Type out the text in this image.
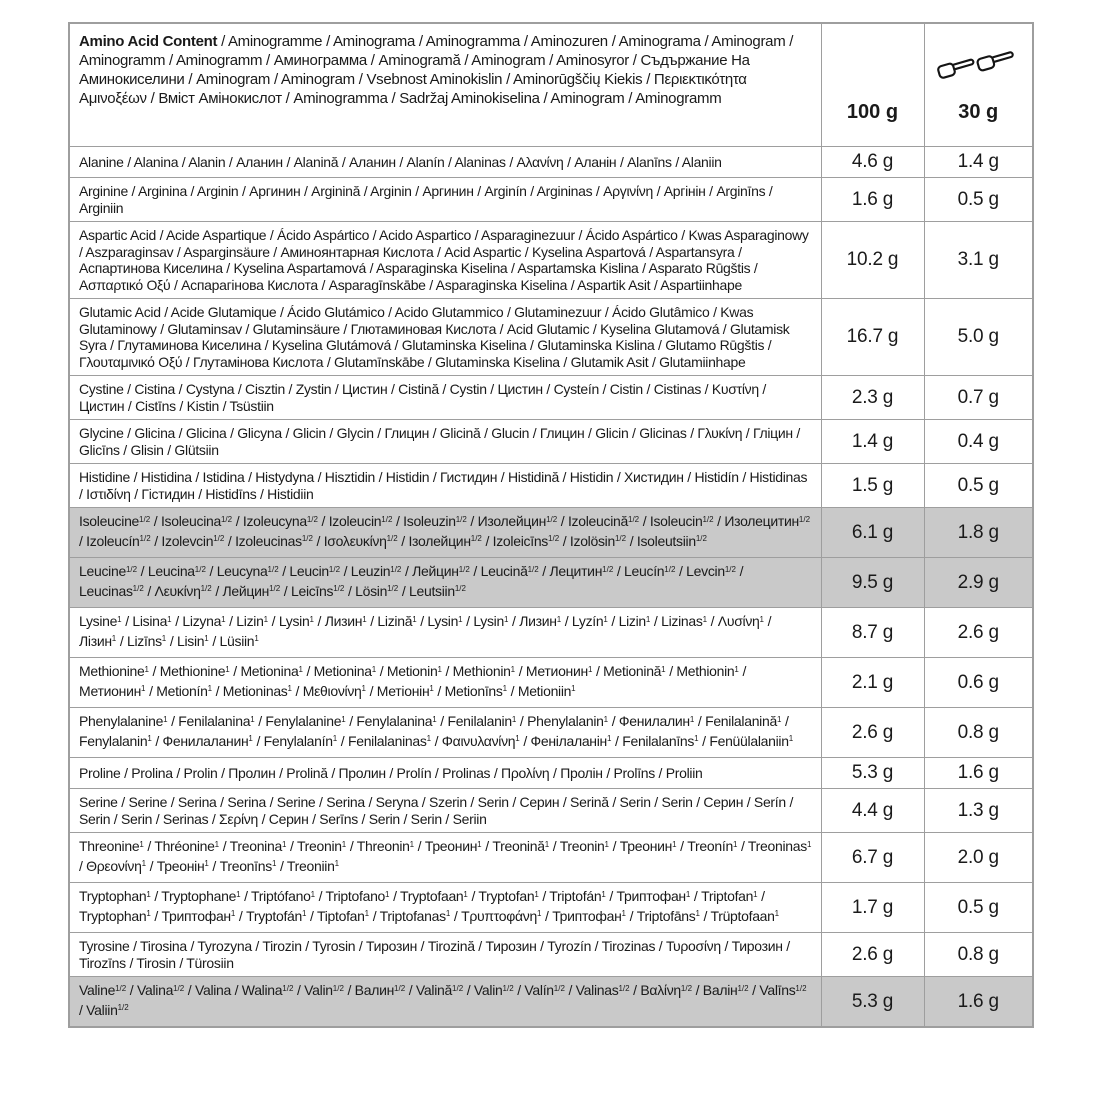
Amino Acid Content / Aminogramme / Aminograma / Aminogramma / Aminozuren / Aminograma / Aminogram / Aminogramm / Aminogramm / Аминограмма / Aminogramă / Aminogram / Aminosyror / Съдържание На Аминокиселини / Aminogram / Aminogram / Vsebnost Aminokislin / Aminorūgščių Kiekis / Περιεκτικότητα Αμινοξέων / Вміст Амінокислот / Aminogramma / Sadržaj Aminokiselina / Aminogram / Aminogramm	100 g	30 g

Alanine / Alanina / Alanin / Аланин / Alanină / Аланин / Alanín / Alaninas / Αλανίνη / Аланін / Alanīns / Alaniin	4.6 g	1.4 g
Arginine / Arginina / Arginin / Аргинин / Arginină / Arginin / Аргинин / Arginín / Argininas / Αργινίνη / Аргінін / Arginīns / Arginiin	1.6 g	0.5 g
Aspartic Acid / Acide Aspartique / Ácido Aspártico / Acido Aspartico / Asparaginezuur / Ácido Aspártico / Kwas Asparaginowy / Aszparaginsav / Asparginsäure / Аминоянтарная Кислота / Acid Aspartic / Kyselina Aspartová / Aspartansyra / Аспартинова Киселина / Kyselina Aspartamová / Asparaginska Kiselina / Aspartamska Kislina / Asparato Rūgštis / Ασπαρτικό Οξύ / Аспарагінова Кислота / Asparagīnskābe / Asparaginska Kiselina / Aspartik Asit / Aspartiinhape	10.2 g	3.1 g
Glutamic Acid / Acide Glutamique / Ácido Glutámico / Acido Glutammico / Glutaminezuur / Ácido Glutâmico / Kwas Glutaminowy / Glutaminsav / Glutaminsäure / Глютаминовая Кислота / Acid Glutamic / Kyselina Glutamová / Glutamisk Syra / Глутаминова Киселина / Kyselina Glutámová / Glutaminska Kiselina / Glutaminska Kislina / Glutamo Rūgštis / Γλουταμινικό Οξύ / Глутамінова Кислота / Glutamīnskābe / Glutaminska Kiselina / Glutamik Asit / Glutamiinhape	16.7 g	5.0 g
Cystine / Cistina / Cystyna / Cisztin / Zystin / Цистин / Cistină / Cystin / Цистин / Cysteín / Cistin / Cistinas / Κυστίνη / Цистин / Cistīns / Kistin / Tsüstiin	2.3 g	0.7 g
Glycine / Glicina / Glicina / Glicyna / Glicin / Glycin / Глицин / Glicină / Glucin / Глицин / Glicin / Glicinas / Γλυκίνη / Гліцин / Glicīns / Glisin / Glütsiin	1.4 g	0.4 g
Histidine / Histidina / Istidina / Histydyna / Hisztidin / Histidin / Гистидин / Histidină / Histidin / Хистидин / Histidín / Histidinas / Ιστιδίνη / Гістидин / Histidīns / Histidiin	1.5 g	0.5 g
Isoleucine$^{1/2}$ / Isoleucina$^{1/2}$ / Izoleucyna$^{1/2}$ / Izoleucin$^{1/2}$ / Isoleuzin$^{1/2}$ / Изолейцин$^{1/2}$ / Izoleucină$^{1/2}$ / Isoleucin$^{1/2}$ / Изолецитин$^{1/2}$ / Izoleucín$^{1/2}$ / Izolevcin$^{1/2}$ / Izoleucinas$^{1/2}$ / Ισολευκίνη$^{1/2}$ / Ізолейцин$^{1/2}$ / Izoleicīns$^{1/2}$ / Izolösin$^{1/2}$ / Isoleutsiin$^{1/2}$	6.1 g	1.8 g
Leucine$^{1/2}$ / Leucina$^{1/2}$ / Leucyna$^{1/2}$ / Leucin$^{1/2}$ / Leuzin$^{1/2}$ / Лейцин$^{1/2}$ / Leucină$^{1/2}$ / Лецитин$^{1/2}$ / Leucín$^{1/2}$ / Levcin$^{1/2}$ / Leucinas$^{1/2}$ / Λευκίνη$^{1/2}$ / Лейцин$^{1/2}$ / Leicīns$^{1/2}$ / Lösin$^{1/2}$ / Leutsiin$^{1/2}$	9.5 g	2.9 g
Lysine$^1$ / Lisina$^1$ / Lizyna$^1$ / Lizin$^1$ / Lysin$^1$ / Лизин$^1$ / Lizină$^1$ / Lysin$^1$ / Lysin$^1$ / Лизин$^1$ / Lyzín$^1$ / Lizin$^1$ / Lizinas$^1$ / Λυσίνη$^1$ / Лізин$^1$ / Lizīns$^1$ / Lisin$^1$ / Lüsiin$^1$	8.7 g	2.6 g
Methionine$^1$ / Methionine$^1$ / Metionina$^1$ / Metionina$^1$ / Metionin$^1$ / Methionin$^1$ / Метионин$^1$ / Metionină$^1$ / Methionin$^1$ / Метионин$^1$ / Metionín$^1$ / Metioninas$^1$ / Μεθιονίνη$^1$ / Метіонін$^1$ / Metionīns$^1$ / Metioniin$^1$	2.1 g	0.6 g
Phenylalanine$^1$ / Fenilalanina$^1$ / Fenylalanine$^1$ / Fenylalanina$^1$ / Fenilalanin$^1$ / Phenylalanin$^1$ / Фенилалин$^1$ / Fenilalanină$^1$ / Fenylalanin$^1$ / Фенилаланин$^1$ / Fenylalanín$^1$ / Fenilalaninas$^1$ / Φαινυλανίνη$^1$ / Фенілаланін$^1$ / Fenilalanīns$^1$ / Fenüülalaniin$^1$	2.6 g	0.8 g
Proline / Prolina / Prolin / Пролин / Prolină / Пролин / Prolín / Prolinas / Προλίνη / Пролін / Prolīns / Proliin	5.3 g	1.6 g
Serine / Serine / Serina / Serina / Serine / Serina / Seryna / Szerin / Serin / Серин / Serină / Serin / Serin / Серин / Serín / Serin / Serin / Serinas / Σερίνη / Серин / Serīns / Serin / Serin / Seriin	4.4 g	1.3 g
Threonine$^1$ / Thréonine$^1$ / Treonina$^1$ / Treonin$^1$ / Threonin$^1$ / Треонин$^1$ / Treonină$^1$ / Treonin$^1$ / Треонин$^1$ / Treonín$^1$ / Treoninas$^1$ / Θρεονίνη$^1$ / Треонін$^1$ / Treonīns$^1$ / Treoniin$^1$	6.7 g	2.0 g
Tryptophan$^1$ / Tryptophane$^1$ / Triptófano$^1$ / Triptofano$^1$ / Tryptofaan$^1$ / Tryptofan$^1$ / Triptofán$^1$ / Триптофан$^1$ / Triptofan$^1$ / Tryptophan$^1$ / Триптофан$^1$ / Tryptofán$^1$ / Tiptofan$^1$ / Triptofanas$^1$ / Τρυπτοφάνη$^1$ / Триптофан$^1$ / Triptofāns$^1$ / Trüptofaan$^1$	1.7 g	0.5 g
Tyrosine / Tirosina / Tyrozyna / Tirozin / Tyrosin / Тирозин / Tirozină / Тирозин / Tyrozín / Tirozinas / Τυροσίνη / Тирозин / Tirozīns / Tirosin / Türosiin	2.6 g	0.8 g
Valine$^{1/2}$ / Valina$^{1/2}$ / Valina / Walina$^{1/2}$ / Valin$^{1/2}$ / Валин$^{1/2}$ / Valină$^{1/2}$ / Valin$^{1/2}$ / Valín$^{1/2}$ / Valinas$^{1/2}$ / Βαλίνη$^{1/2}$ / Валін$^{1/2}$ / Valīns$^{1/2}$ / Valiin$^{1/2}$	5.3 g	1.6 g
